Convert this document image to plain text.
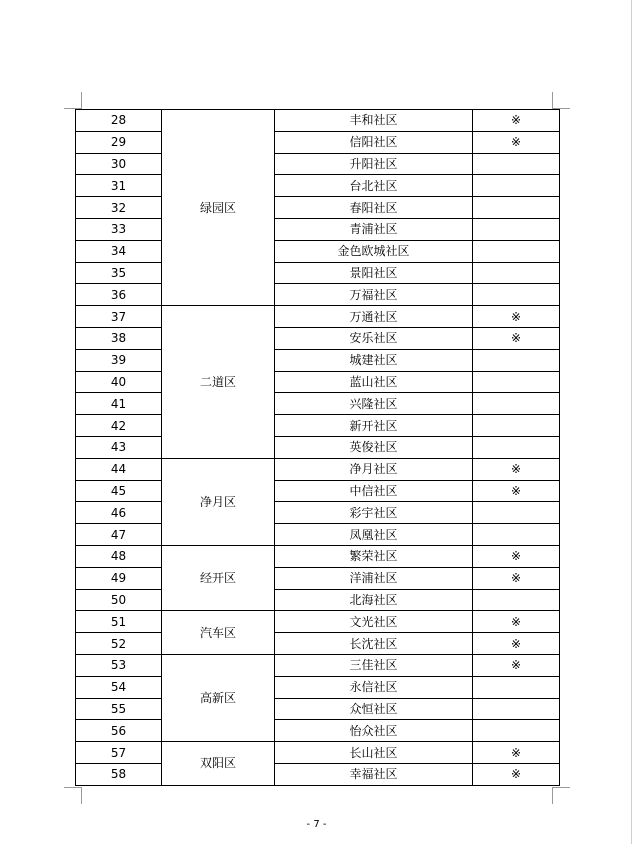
28	绿园区	丰和社区	※
29		信阳社区	※
30		升阳社区	
31		台北社区	
32		春阳社区	
33		青浦社区	
34		金色欧城社区	
35		景阳社区	
36		万福社区	
37	二道区	万通社区	※
38		安乐社区	※
39		城建社区	
40		蓝山社区	
41		兴隆社区	
42		新开社区	
43		英俊社区	
44	净月区	净月社区	※
45		中信社区	※
46		彩宇社区	
47		凤凰社区	
48	经开区	繁荣社区	※
49		洋浦社区	※
50		北海社区	
51	汽车区	文光社区	※
52		长沈社区	※
53	高新区	三佳社区	※
54		永信社区	
55		众恒社区	
56		怡众社区	
57	双阳区	长山社区	※
58		幸福社区	※
- 7 -
